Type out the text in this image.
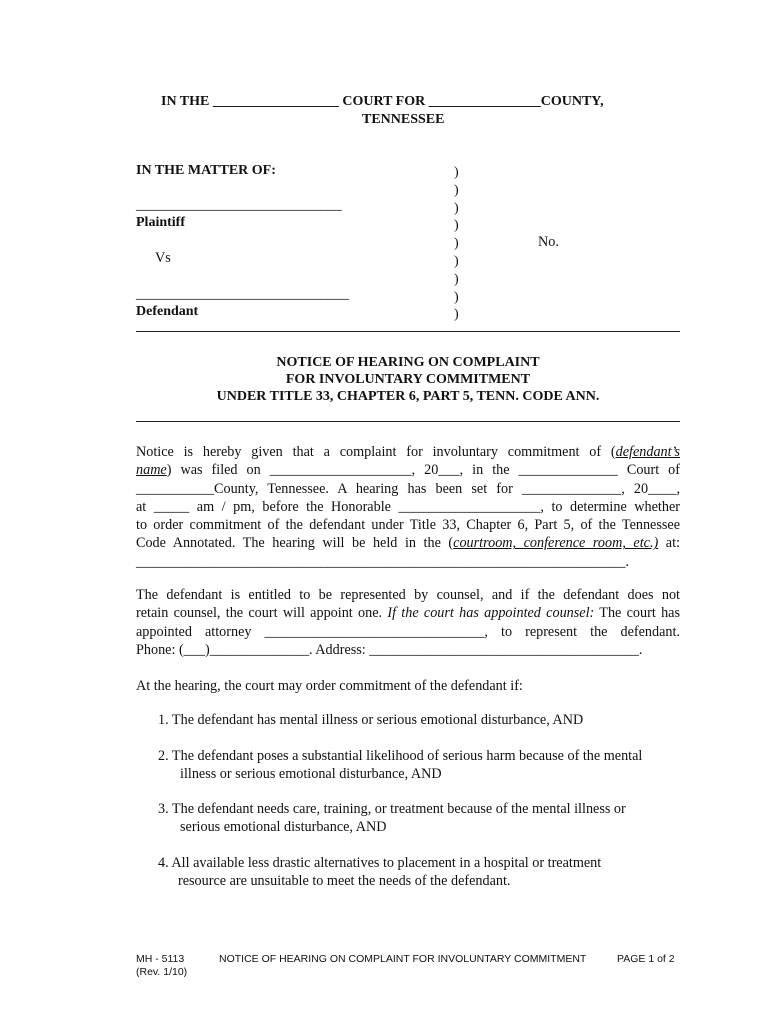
IN THE __________________ COURT FOR ________________COUNTY,
TENNESSEE
IN THE MATTER OF:
_____________________________
Plaintiff
Vs
______________________________
Defendant
)
)
)
)
)
)
)
)
)
No.
NOTICE OF HEARING ON COMPLAINT
FOR INVOLUNTARY COMMITMENT
UNDER TITLE 33, CHAPTER 6, PART 5, TENN. CODE ANN.
Notice is hereby given that a complaint for involuntary commitment of (defendant’s
name) was filed on ____________________, 20___, in the ______________ Court of
___________County, Tennessee. A hearing has been set for ______________, 20____,
at _____ am / pm, before the Honorable ____________________, to determine whether
to order commitment of the defendant under Title 33, Chapter 6, Part 5, of the Tennessee
Code Annotated. The hearing will be held in the (courtroom, conference room, etc.) at:
_____________________________________________________________________.
The defendant is entitled to be represented by counsel, and if the defendant does not
retain counsel, the court will appoint one. If the court has appointed counsel: The court has
appointed attorney _______________________________, to represent the defendant.
Phone: (___)______________. Address: ______________________________________.
At the hearing, the court may order commitment of the defendant if:
1. The defendant has mental illness or serious emotional disturbance, AND
2. The defendant poses a substantial likelihood of serious harm because of the mental
illness or serious emotional disturbance, AND
3. The defendant needs care, training, or treatment because of the mental illness or
serious emotional disturbance, AND
4. All available less drastic alternatives to placement in a hospital or treatment
resource are unsuitable to meet the needs of the defendant.
MH - 5113
(Rev. 1/10)
NOTICE OF HEARING ON COMPLAINT FOR INVOLUNTARY COMMITMENT	PAGE 1 of 2
